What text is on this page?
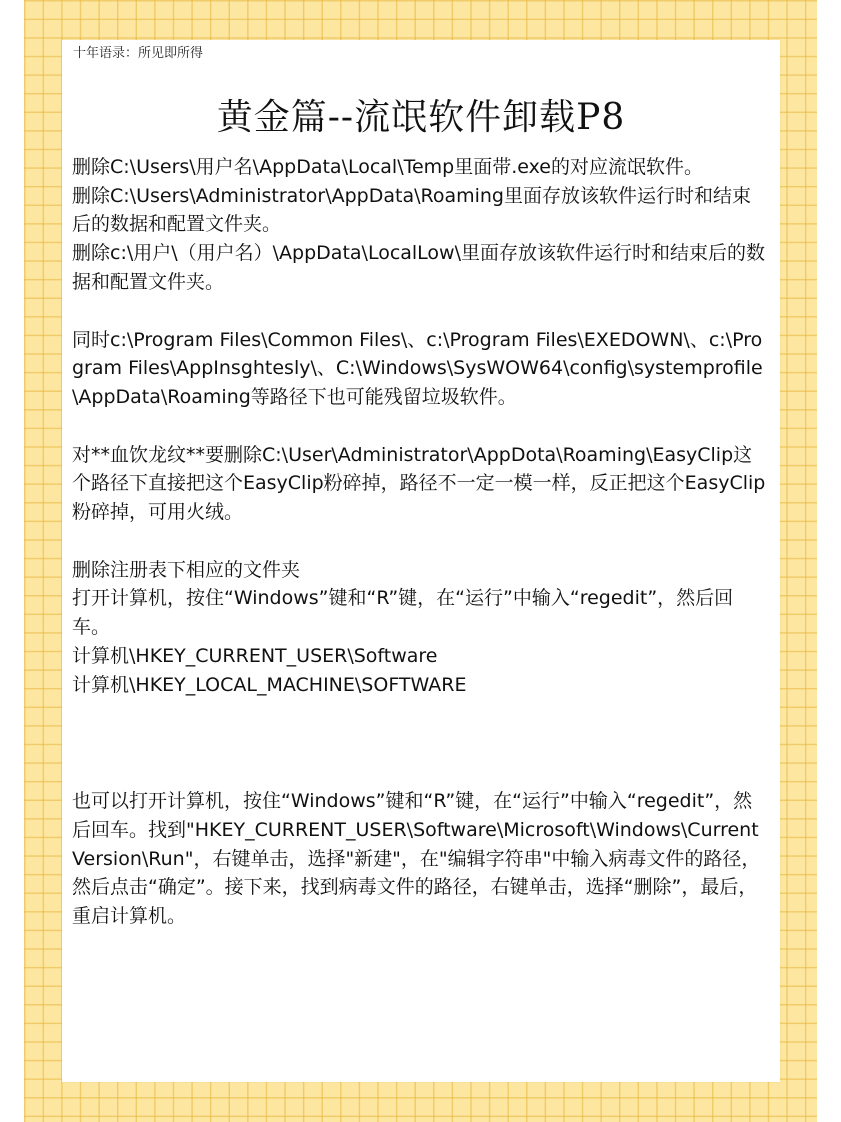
十年语录：所见即所得
黄金篇--流氓软件卸载P8

删除C:\Users\用户名\AppData\Local\Temp里面带.exe的对应流氓软件。

删除C:\Users\Administrator\AppData\Roaming里面存放该软件运行时和结束后的数据和配置文件夹。

删除c:\用户\（用户名）\AppData\LocalLow\里面存放该软件运行时和结束后的数据和配置文件夹。

同时c:\Program Files\Common Files\、c:\Program Files\EXEDOWN\、c:\Program Files\AppInsghtesly\、C:\Windows\SysWOW64\config\systemprofile\AppData\Roaming等路径下也可能残留垃圾软件。

对**血饮龙纹**要删除C:\User\Administrator\AppDota\Roaming\EasyClip这个路径下直接把这个EasyClip粉碎掉，路径不一定一模一样，反正把这个EasyClip粉碎掉，可用火绒。

删除注册表下相应的文件夹

打开计算机，按住“Windows”键和“R”键，在“运行”中输入“regedit”，然后回车。

计算机\HKEY_CURRENT_USER\Software

计算机\HKEY_LOCAL_MACHINE\SOFTWARE

也可以打开计算机，按住“Windows”键和“R”键，在“运行”中输入“regedit”，然后回车。找到"HKEY_CURRENT_USER\Software\Microsoft\Windows\CurrentVersion\Run"，右键单击，选择"新建"，在"编辑字符串"中输入病毒文件的路径，然后点击“确定”。接下来，找到病毒文件的路径，右键单击，选择“删除”，最后，重启计算机。
